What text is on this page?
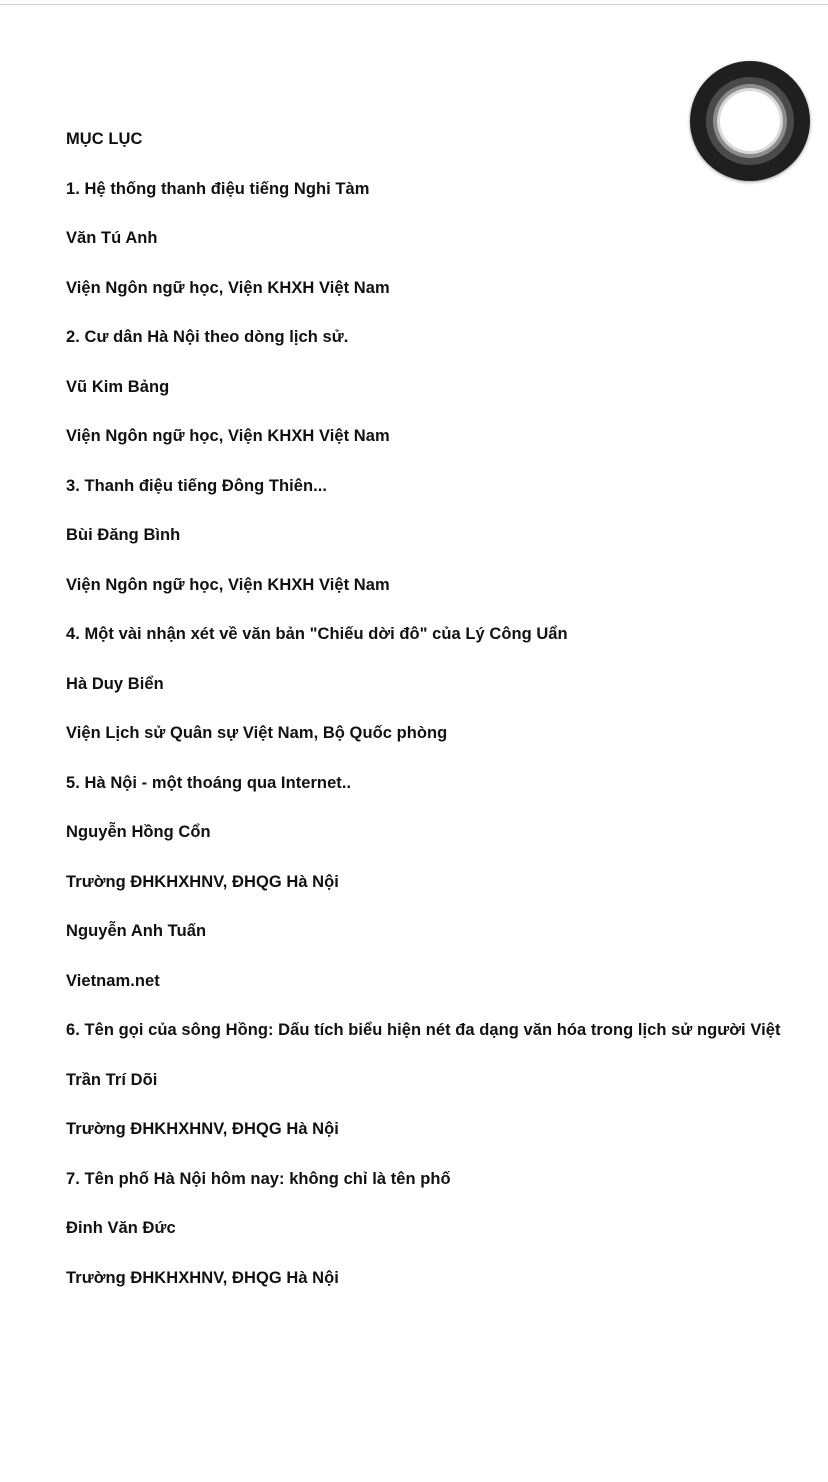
MỤC LỤC
1. Hệ thống thanh điệu tiếng Nghi Tàm
Văn Tú Anh
Viện Ngôn ngữ học, Viện KHXH Việt Nam
2. Cư dân Hà Nội theo dòng lịch sử.
Vũ Kim Bảng
Viện Ngôn ngữ học, Viện KHXH Việt Nam
3. Thanh điệu tiếng Đông Thiên...
Bùi Đăng Bình
Viện Ngôn ngữ học, Viện KHXH Việt Nam
4. Một vài nhận xét về văn bản "Chiếu dời đô" của Lý Công Uẩn
Hà Duy Biển
Viện Lịch sử Quân sự Việt Nam, Bộ Quốc phòng
5. Hà Nội - một thoáng qua Internet..
Nguyễn Hồng Cổn
Trường ĐHKHXHNV, ĐHQG Hà Nội
Nguyễn Anh Tuấn
Vietnam.net
6. Tên gọi của sông Hồng: Dấu tích biểu hiện nét đa dạng văn hóa trong lịch sử người Việt
Trần Trí Dõi
Trường ĐHKHXHNV, ĐHQG Hà Nội
7. Tên phố Hà Nội hôm nay: không chỉ là tên phố
Đinh Văn Đức
Trường ĐHKHXHNV, ĐHQG Hà Nội
